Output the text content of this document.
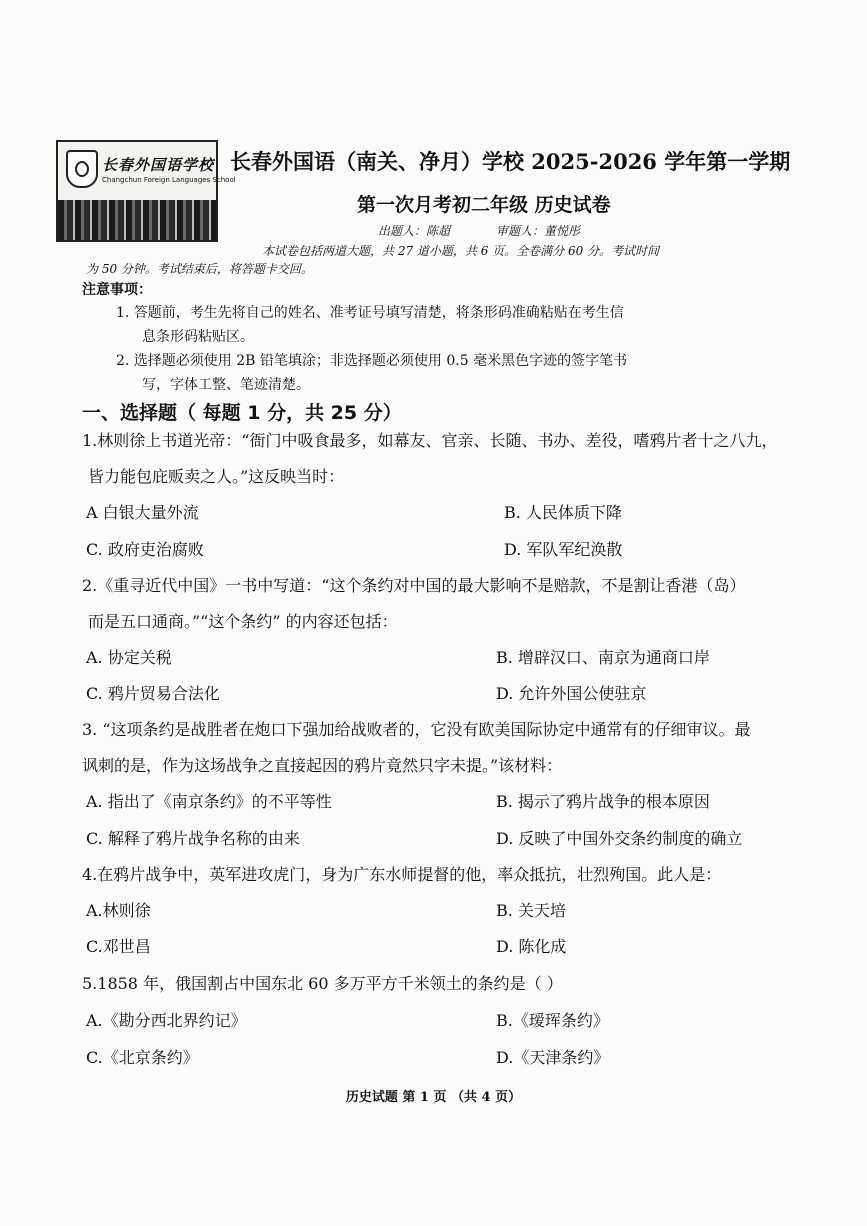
长春外国语学校
Changchun Foreign Languages School
长春外国语（南关、净月）学校 2025-2026 学年第一学期
第一次月考初二年级 历史试卷
出题人：陈超	审题人：董悦彤
本试卷包括两道大题，共 27 道小题，共 6 页。全卷满分 60 分。考试时间
为 50 分钟。考试结束后，将答题卡交回。
注意事项：
1. 答题前，考生先将自己的姓名、准考证号填写清楚，将条形码准确粘贴在考生信
息条形码粘贴区。
2. 选择题必须使用 2B 铅笔填涂；非选择题必须使用 0.5 毫米黑色字迹的签字笔书
写，字体工整、笔迹清楚。
一、选择题（ 每题 1 分，共 25 分）
1.林则徐上书道光帝：“衙门中吸食最多，如幕友、官亲、长随、书办、差役，嗜鸦片者十之八九，
皆力能包庇贩卖之人。”这反映当时：
A 白银大量外流	B. 人民体质下降
C. 政府吏治腐败	D. 军队军纪涣散
2.《重寻近代中国》一书中写道：“这个条约对中国的最大影响不是赔款，不是割让香港（岛）
而是五口通商。”“这个条约” 的内容还包括：
A. 协定关税	B. 增辟汉口、南京为通商口岸
C. 鸦片贸易合法化	D. 允许外国公使驻京
3. “这项条约是战胜者在炮口下强加给战败者的，它没有欧美国际协定中通常有的仔细审议。最
讽刺的是，作为这场战争之直接起因的鸦片竟然只字未提。”该材料：
A. 指出了《南京条约》的不平等性	B. 揭示了鸦片战争的根本原因
C. 解释了鸦片战争名称的由来	D. 反映了中国外交条约制度的确立
4.在鸦片战争中，英军进攻虎门，身为广东水师提督的他，率众抵抗，壮烈殉国。此人是：
A.林则徐	B. 关天培
C.邓世昌	D. 陈化成
5.1858 年，俄国割占中国东北 60 多万平方千米领土的条约是（ ）
A.《勘分西北界约记》	B.《瑷珲条约》
C.《北京条约》	D.《天津条约》
历史试题 第 1 页 （共 4 页）
